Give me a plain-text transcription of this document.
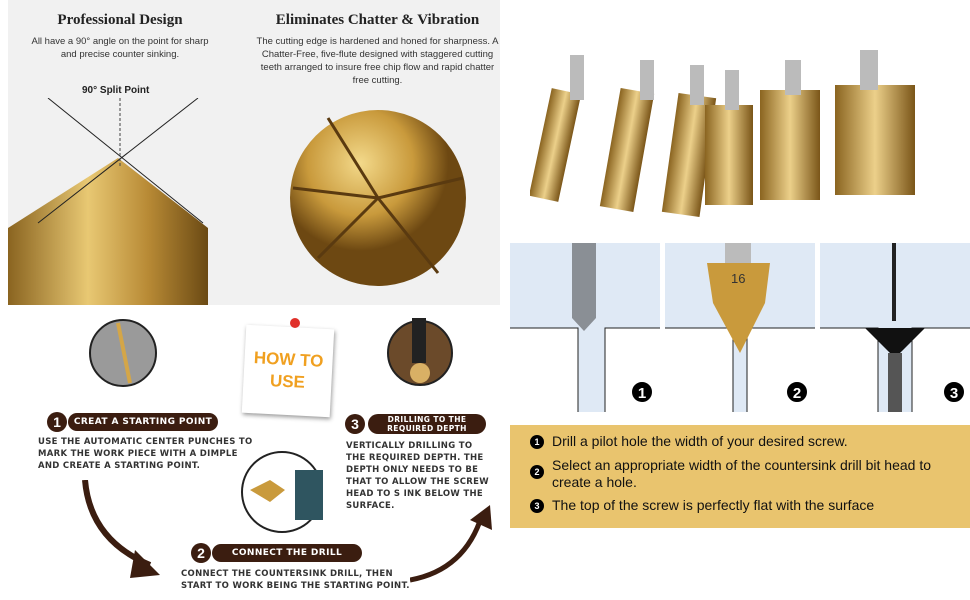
Professional Design
All have a 90° angle on the point for sharp and precise counter sinking.
90° Split Point
Eliminates Chatter & Vibration
The cutting edge is hardened and honed for sharpness. A Chatter-Free, five-flute designed with staggered cutting teeth arranged to insure free chip flow and rapid chatter free cutting.
HOW TO USE
1	CREAT A STARTING POINT
USE THE AUTOMATIC CENTER PUNCHES TO MARK THE WORK PIECE WITH A DIMPLE AND CREATE A STARTING POINT.
3	DRILLING TO THE REQUIRED DEPTH
VERTICALLY DRILLING TO THE REQUIRED DEPTH. THE DEPTH ONLY NEEDS TO BE THAT TO ALLOW THE SCREW HEAD TO S INK BELOW THE SURFACE.
2	CONNECT THE DRILL
CONNECT THE COUNTERSINK DRILL, THEN START TO WORK BEING THE STARTING POINT.
1
16
2	3
1 Drill a pilot hole the width of your desired screw.
2 Select an appropriate width of the countersink drill bit head to create a hole.
3 The top of the screw is perfectly flat with the surface
